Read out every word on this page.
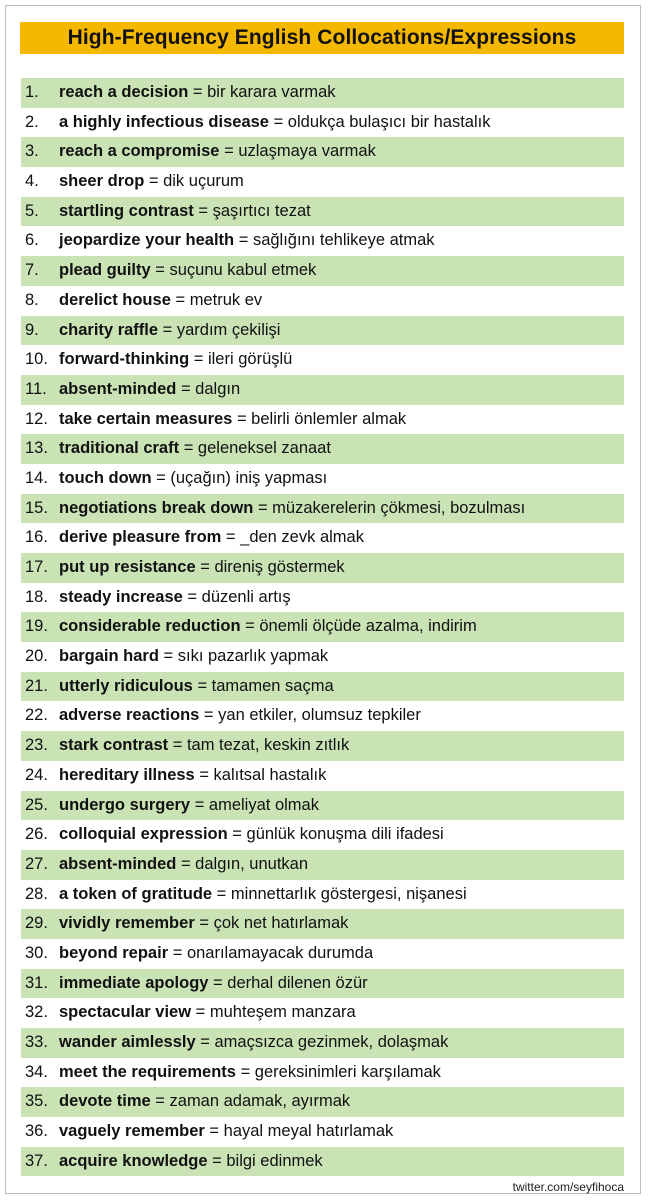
High-Frequency English Collocations/Expressions
1. reach a decision = bir karara varmak
2. a highly infectious disease = oldukça bulaşıcı bir hastalık
3. reach a compromise = uzlaşmaya varmak
4. sheer drop = dik uçurum
5. startling contrast = şaşırtıcı tezat
6. jeopardize your health = sağlığını tehlikeye atmak
7. plead guilty = suçunu kabul etmek
8. derelict house = metruk ev
9. charity raffle = yardım çekilişi
10. forward-thinking = ileri görüşlü
11. absent-minded = dalgın
12. take certain measures = belirli önlemler almak
13. traditional craft = geleneksel zanaat
14. touch down = (uçağın) iniş yapması
15. negotiations break down = müzakerelerin çökmesi, bozulması
16. derive pleasure from = _den zevk almak
17. put up resistance = direniş göstermek
18. steady increase = düzenli artış
19. considerable reduction = önemli ölçüde azalma, indirim
20. bargain hard = sıkı pazarlık yapmak
21. utterly ridiculous = tamamen saçma
22. adverse reactions = yan etkiler, olumsuz tepkiler
23. stark contrast = tam tezat, keskin zıtlık
24. hereditary illness = kalıtsal hastalık
25. undergo surgery = ameliyat olmak
26. colloquial expression = günlük konuşma dili ifadesi
27. absent-minded = dalgın, unutkan
28. a token of gratitude = minnettarlık göstergesi, nişanesi
29. vividly remember = çok net hatırlamak
30. beyond repair = onarılamayacak durumda
31. immediate apology = derhal dilenen özür
32. spectacular view = muhteşem manzara
33. wander aimlessly = amaçsızca gezinmek, dolaşmak
34. meet the requirements = gereksinimleri karşılamak
35. devote time = zaman adamak, ayırmak
36. vaguely remember = hayal meyal hatırlamak
37. acquire knowledge = bilgi edinmek
twitter.com/seyfihoca
